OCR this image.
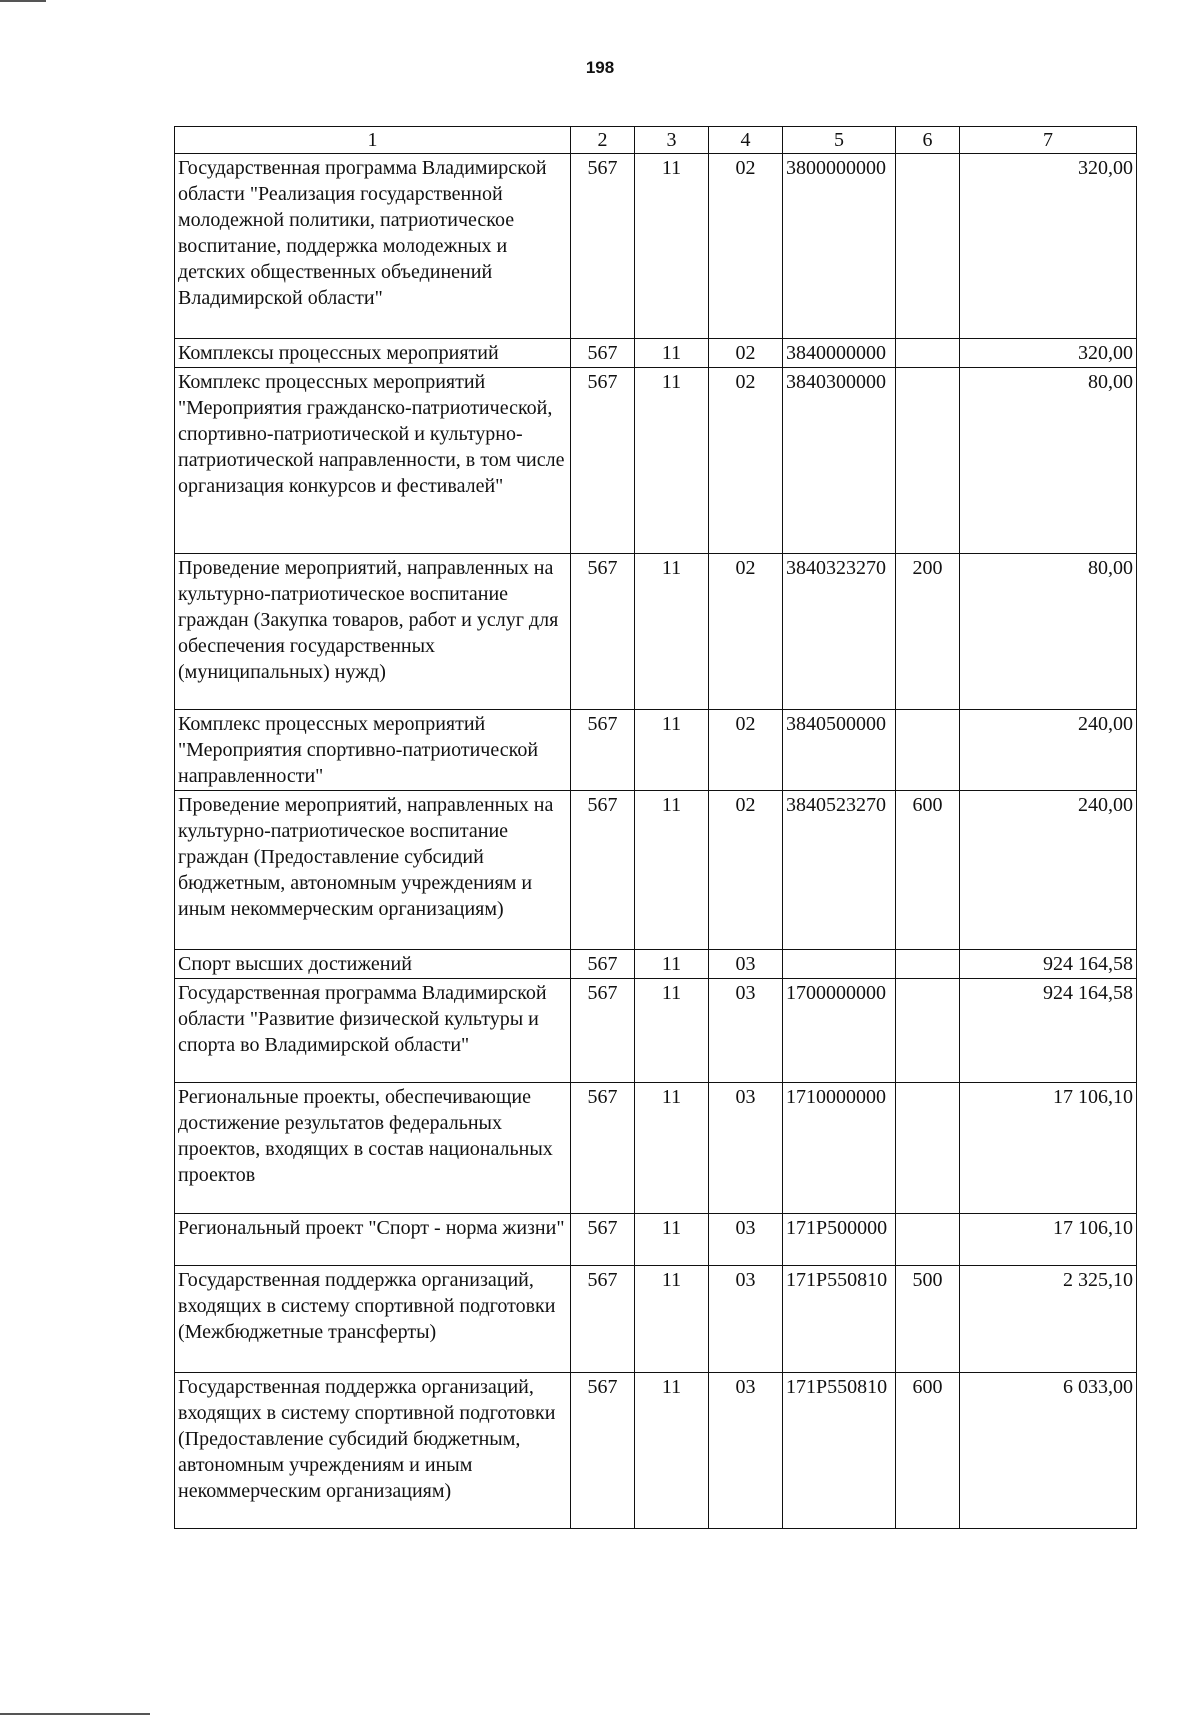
198
1	2	3	4	5	6	7
Государственная программа Владимирской области "Реализация государственной молодежной политики, патриотическое воспитание, поддержка молодежных и детских общественных объединений Владимирской области"	567	11	02	3800000000		320,00
Комплексы процессных мероприятий	567	11	02	3840000000		320,00
Комплекс процессных мероприятий "Мероприятия гражданско-патриотической, спортивно-патриотической и культурно-патриотической направленности, в том числе организация конкурсов и фестивалей"	567	11	02	3840300000		80,00
Проведение мероприятий, направленных на культурно-патриотическое воспитание граждан (Закупка товаров, работ и услуг для обеспечения государственных (муниципальных) нужд)	567	11	02	3840323270	200	80,00
Комплекс процессных мероприятий "Мероприятия спортивно-патриотической направленности"	567	11	02	3840500000		240,00
Проведение мероприятий, направленных на культурно-патриотическое воспитание граждан (Предоставление субсидий бюджетным, автономным учреждениям и иным некоммерческим организациям)	567	11	02	3840523270	600	240,00
Спорт высших достижений	567	11	03			924 164,58
Государственная программа Владимирской области "Развитие физической культуры и спорта во Владимирской области"	567	11	03	1700000000		924 164,58
Региональные проекты, обеспечивающие достижение результатов федеральных проектов, входящих в состав национальных проектов	567	11	03	1710000000		17 106,10
Региональный проект "Спорт - норма жизни"	567	11	03	171P500000		17 106,10
Государственная поддержка организаций, входящих в систему спортивной подготовки (Межбюджетные трансферты)	567	11	03	171P550810	500	2 325,10
Государственная поддержка организаций, входящих в систему спортивной подготовки (Предоставление субсидий бюджетным, автономным учреждениям и иным некоммерческим организациям)	567	11	03	171P550810	600	6 033,00
